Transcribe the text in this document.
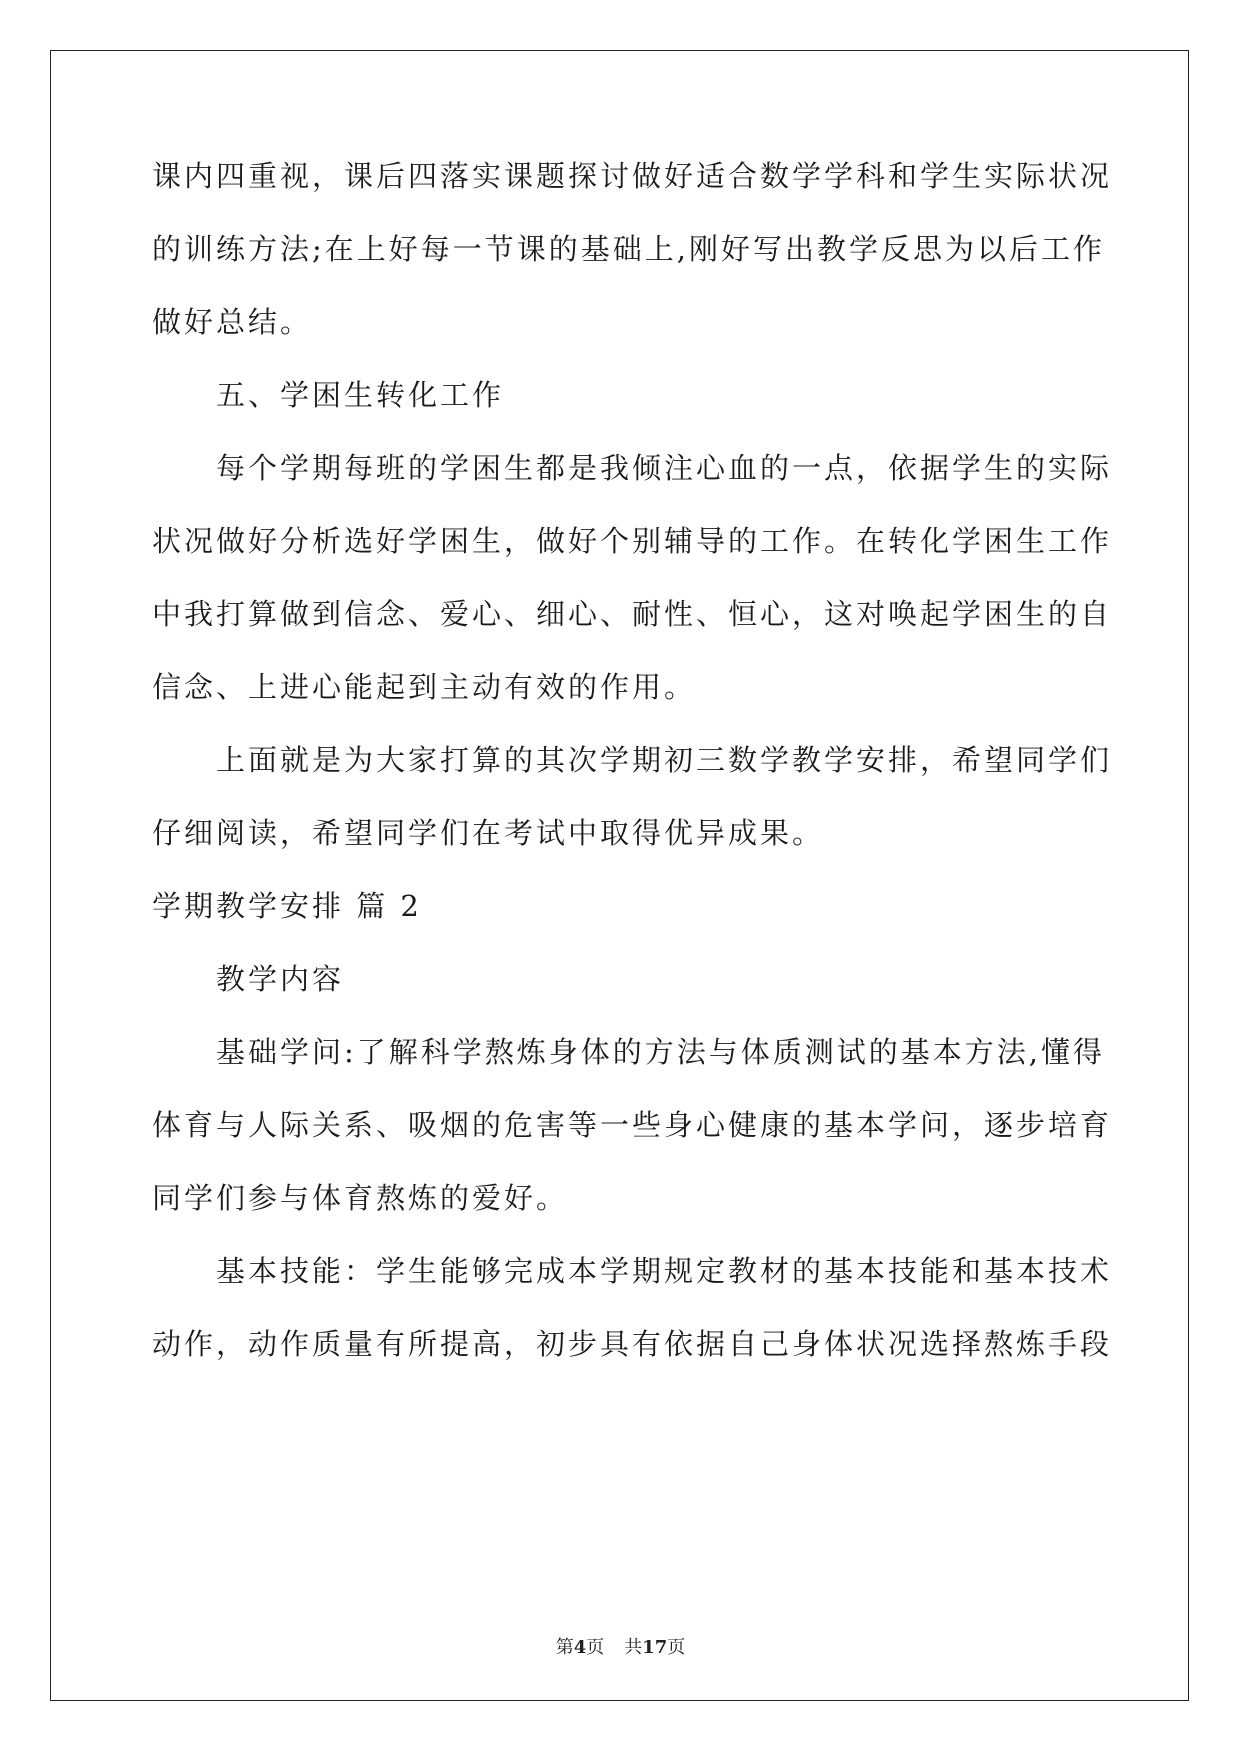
课内四重视，课后四落实课题探讨做好适合数学学科和学生实际状况
的训练方法;在上好每一节课的基础上,刚好写出教学反思为以后工作
做好总结。
　　五、学困生转化工作
　　每个学期每班的学困生都是我倾注心血的一点，依据学生的实际
状况做好分析选好学困生，做好个别辅导的工作。在转化学困生工作
中我打算做到信念、爱心、细心、耐性、恒心，这对唤起学困生的自
信念、上进心能起到主动有效的作用。
　　上面就是为大家打算的其次学期初三数学教学安排，希望同学们
仔细阅读，希望同学们在考试中取得优异成果。
学期教学安排 篇 2
　　教学内容
　　基础学问:了解科学熬炼身体的方法与体质测试的基本方法,懂得
体育与人际关系、吸烟的危害等一些身心健康的基本学问，逐步培育
同学们参与体育熬炼的爱好。
　　基本技能：学生能够完成本学期规定教材的基本技能和基本技术
动作，动作质量有所提高，初步具有依据自己身体状况选择熬炼手段
第4页 共17页
